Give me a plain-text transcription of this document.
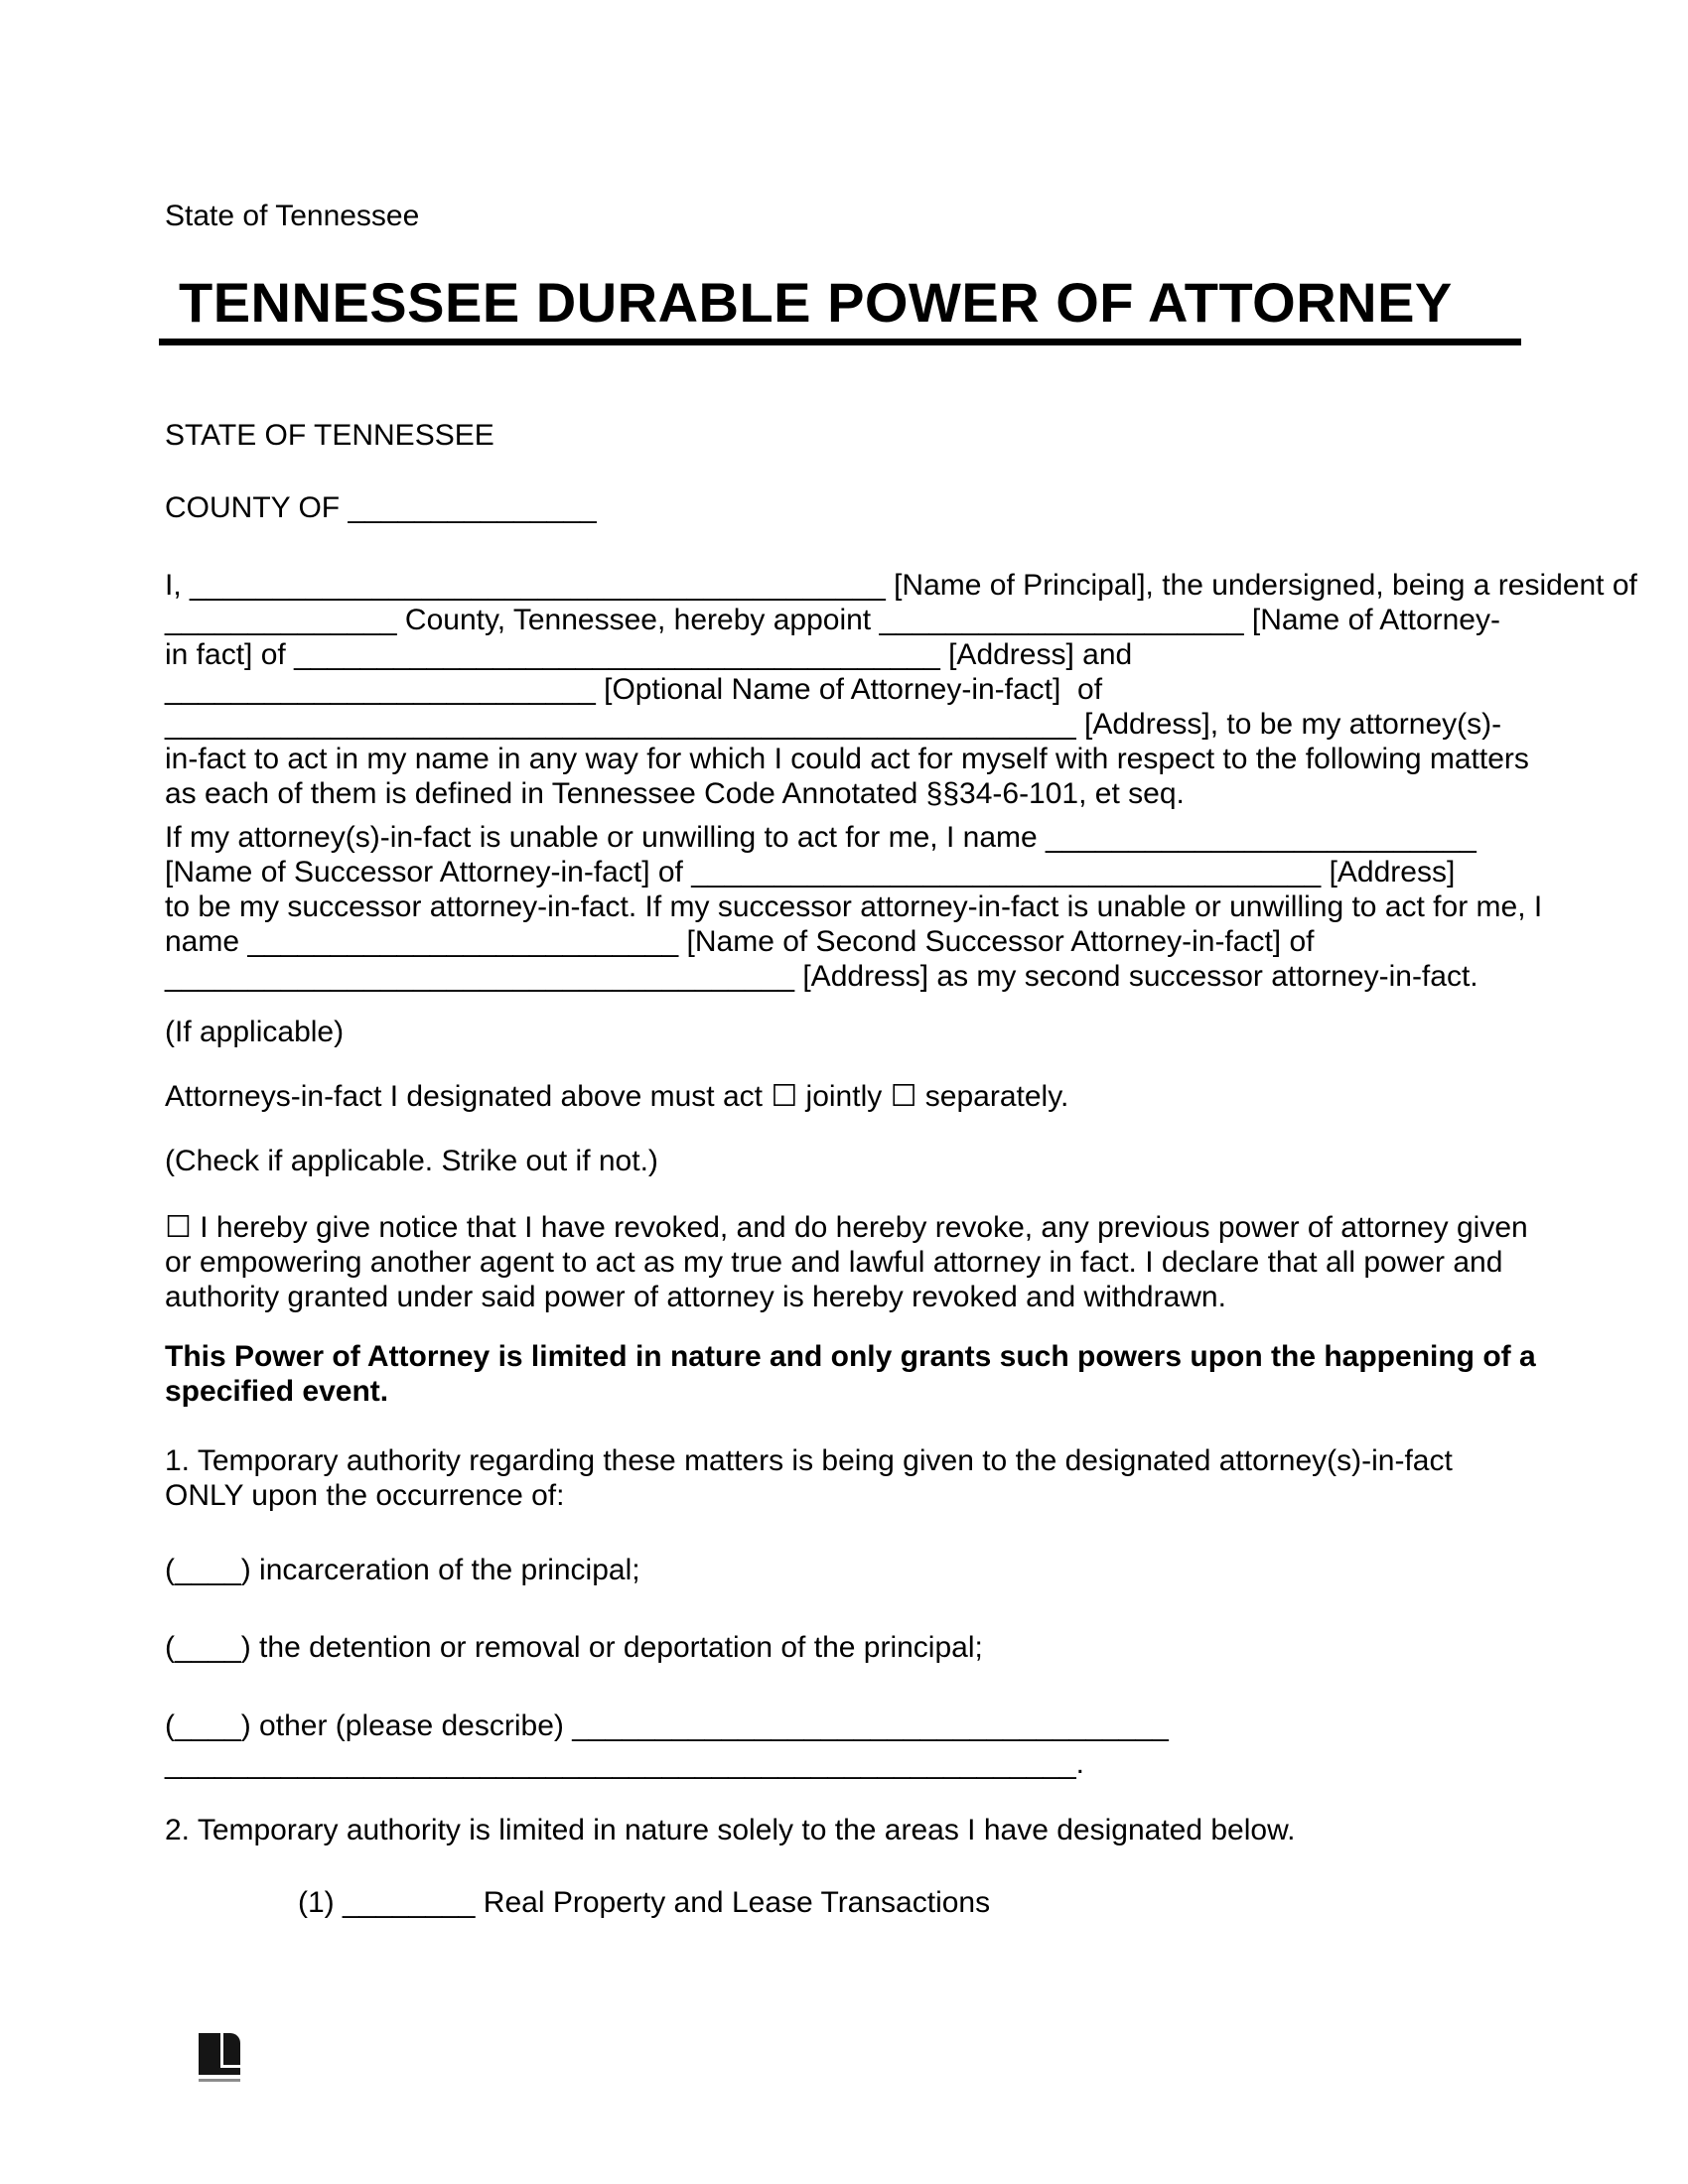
State of Tennessee
TENNESSEE DURABLE POWER OF ATTORNEY
STATE OF TENNESSEE
COUNTY OF _______________
I, __________________________________________ [Name of Principal], the undersigned, being a resident of
______________ County, Tennessee, hereby appoint ______________________ [Name of Attorney-
in fact] of _______________________________________ [Address] and
__________________________ [Optional Name of Attorney-in-fact]  of
_______________________________________________________ [Address], to be my attorney(s)-
in-fact to act in my name in any way for which I could act for myself with respect to the following matters
as each of them is defined in Tennessee Code Annotated §§34-6-101, et seq.
If my attorney(s)-in-fact is unable or unwilling to act for me, I name __________________________
[Name of Successor Attorney-in-fact] of ______________________________________ [Address]
to be my successor attorney-in-fact. If my successor attorney-in-fact is unable or unwilling to act for me, I
name __________________________ [Name of Second Successor Attorney-in-fact] of
______________________________________ [Address] as my second successor attorney-in-fact.
(If applicable)
Attorneys-in-fact I designated above must act ☐ jointly ☐ separately.
(Check if applicable. Strike out if not.)
☐ I hereby give notice that I have revoked, and do hereby revoke, any previous power of attorney given
or empowering another agent to act as my true and lawful attorney in fact. I declare that all power and
authority granted under said power of attorney is hereby revoked and withdrawn.
This Power of Attorney is limited in nature and only grants such powers upon the happening of a
specified event.
1. Temporary authority regarding these matters is being given to the designated attorney(s)-in-fact
ONLY upon the occurrence of:
(____) incarceration of the principal;
(____) the detention or removal or deportation of the principal;
(____) other (please describe) ____________________________________
_______________________________________________________.
2. Temporary authority is limited in nature solely to the areas I have designated below.
(1) ________ Real Property and Lease Transactions
